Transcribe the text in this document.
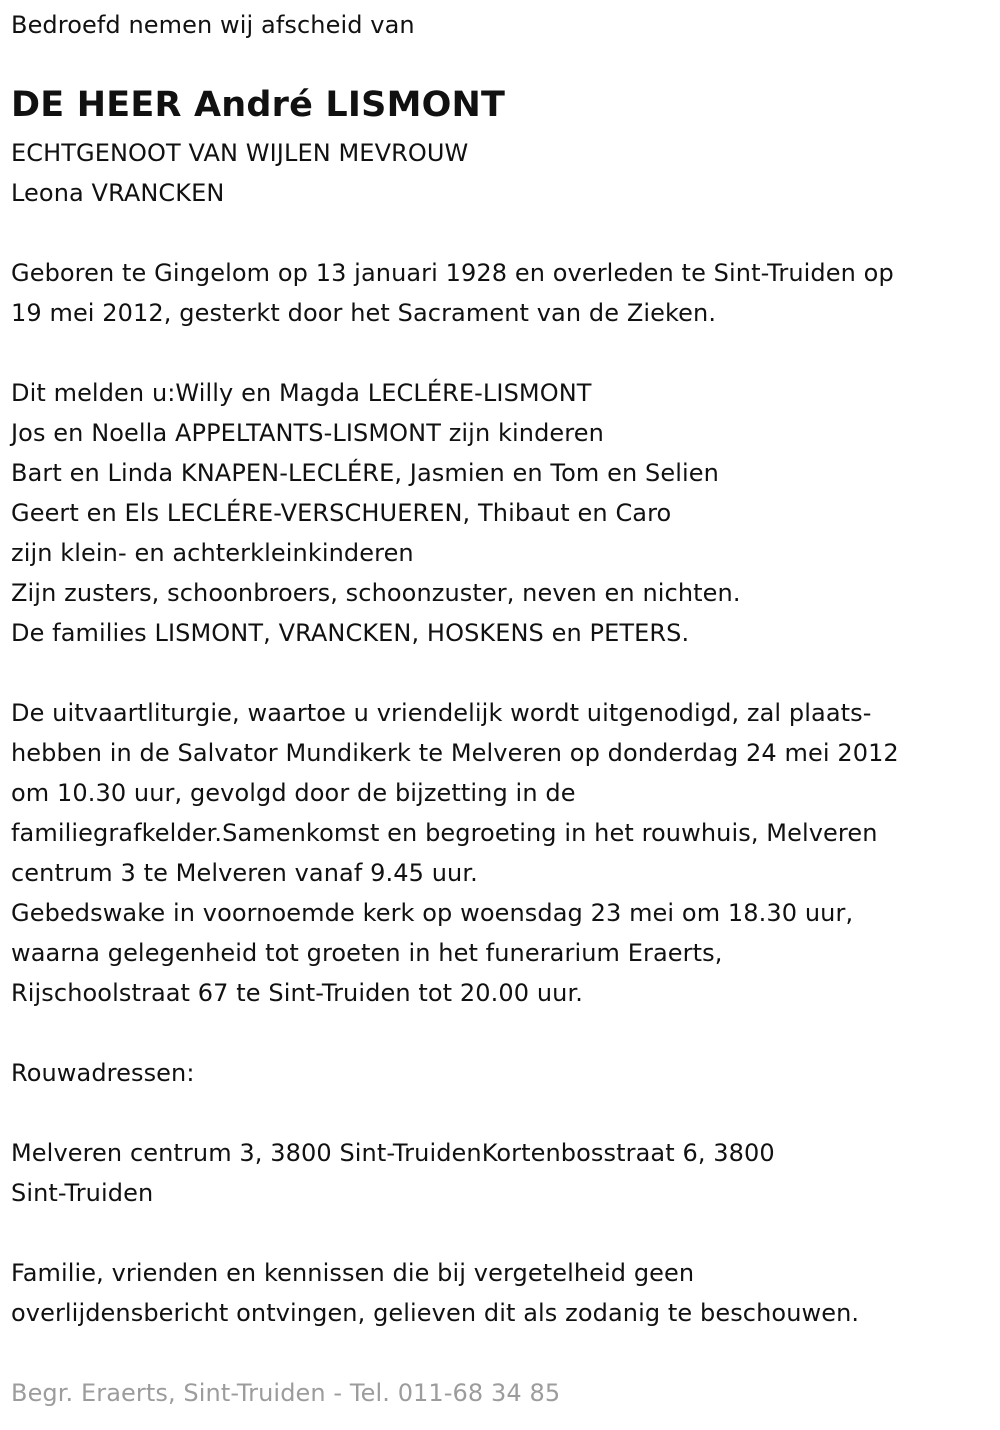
Bedroefd nemen wij afscheid van
DE HEER André LISMONT
ECHTGENOOT VAN WIJLEN MEVROUW
Leona VRANCKEN
Geboren te Gingelom op 13 januari 1928 en overleden te Sint-Truiden op
19 mei 2012, gesterkt door het Sacrament van de Zieken.
Dit melden u:Willy en Magda LECLÉRE-LISMONT
Jos en Noella APPELTANTS-LISMONT zijn kinderen
Bart en Linda KNAPEN-LECLÉRE, Jasmien en Tom en Selien
Geert en Els LECLÉRE-VERSCHUEREN, Thibaut en Caro
zijn klein- en achterkleinkinderen
Zijn zusters, schoonbroers, schoonzuster, neven en nichten.
De families LISMONT, VRANCKEN, HOSKENS en PETERS.
De uitvaartliturgie, waartoe u vriendelijk wordt uitgenodigd, zal plaats-
hebben in de Salvator Mundikerk te Melveren op donderdag 24 mei 2012
om 10.30 uur, gevolgd door de bijzetting in de
familiegrafkelder.Samenkomst en begroeting in het rouwhuis, Melveren
centrum 3 te Melveren vanaf 9.45 uur.
Gebedswake in voornoemde kerk op woensdag 23 mei om 18.30 uur,
waarna gelegenheid tot groeten in het funerarium Eraerts,
Rijschoolstraat 67 te Sint-Truiden tot 20.00 uur.
Rouwadressen:
Melveren centrum 3, 3800 Sint-TruidenKortenbosstraat 6, 3800
Sint-Truiden
Familie, vrienden en kennissen die bij vergetelheid geen
overlijdensbericht ontvingen, gelieven dit als zodanig te beschouwen.
Begr. Eraerts, Sint-Truiden - Tel. 011-68 34 85
